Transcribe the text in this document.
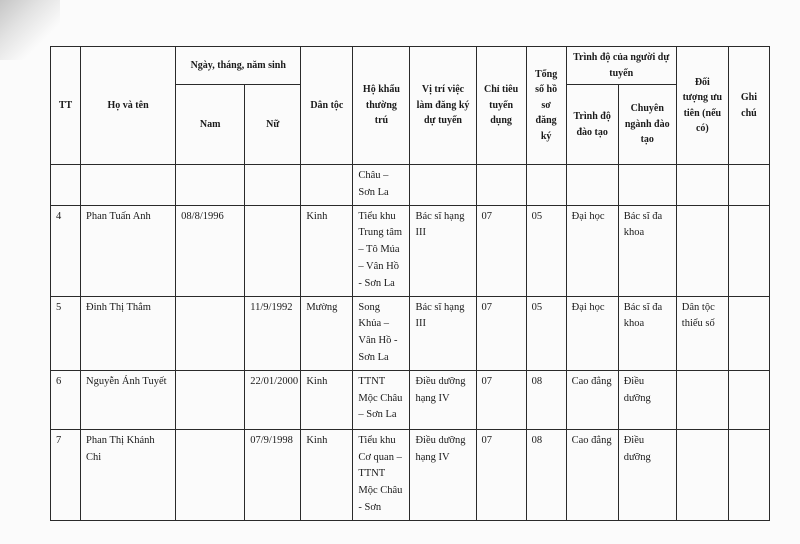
TT	Họ và tên	Ngày, tháng, năm sinh		Dân tộc	Hộ khẩu thường trú	Vị trí việc làm đăng ký dự tuyển	Chỉ tiêu tuyển dụng	Tổng số hồ sơ đăng ký	Trình độ của người dự tuyển		Đối tượng ưu tiên (nếu có)	Ghi chú
		Nam	Nữ						Trình độ đào tạo	Chuyên ngành đào tạo		
					Châu – Sơn La							
4	Phan Tuấn Anh	08/8/1996		Kinh	Tiểu khu Trung tâm – Tô Múa – Vân Hồ - Sơn La	Bác sĩ hạng III	07	05	Đại học	Bác sĩ đa khoa		
5	Đinh Thị Thắm		11/9/1992	Mường	Song Khủa – Vân Hồ - Sơn La	Bác sĩ hạng III	07	05	Đại học	Bác sĩ đa khoa	Dân tộc thiểu số	
6	Nguyễn Ánh Tuyết		22/01/2000	Kinh	TTNT Mộc Châu – Sơn La	Điều dưỡng hạng IV	07	08	Cao đẳng	Điều dưỡng		
7	Phan Thị Khánh Chi		07/9/1998	Kinh	Tiểu khu Cơ quan – TTNT Mộc Châu - Sơn	Điều dưỡng hạng IV	07	08	Cao đẳng	Điều dưỡng		
